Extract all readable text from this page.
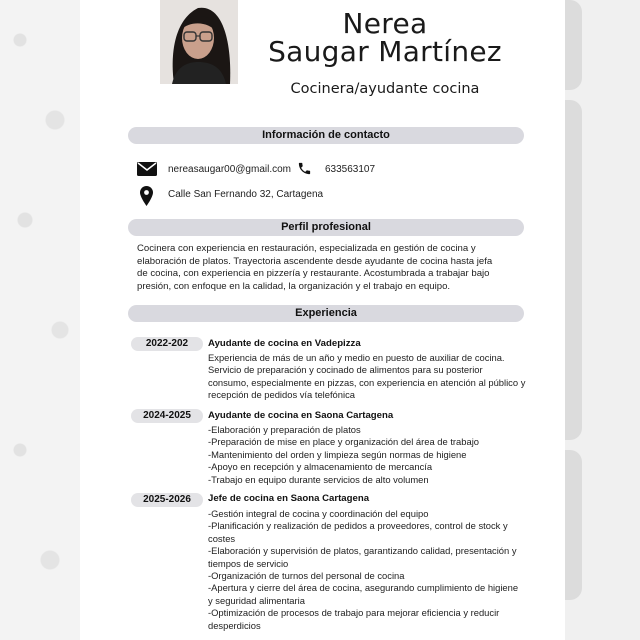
Nerea
Saugar Martínez
Cocinera/ayudante cocina
Información de contacto
nereasaugar00@gmail.com	633563107
Calle San Fernando 32, Cartagena
Perfil profesional
Cocinera con experiencia en restauración, especializada en gestión de cocina y elaboración de platos. Trayectoria ascendente desde ayudante de cocina hasta jefa de cocina, con experiencia en pizzería y restaurante. Acostumbrada a trabajar bajo presión, con enfoque en la calidad, la organización y el trabajo en equipo.
Experiencia
2022-202	Ayudante de cocina en Vadepizza
Experiencia de más de un año y medio en puesto de auxiliar de cocina.
Servicio de preparación y cocinado de alimentos para su posterior
consumo, especialmente en pizzas, con experiencia en atención al público y
recepción de pedidos vía telefónica
2024-2025	Ayudante de cocina en Saona Cartagena
-Elaboración y preparación de platos
-Preparación de mise en place y organización del área de trabajo
-Mantenimiento del orden y limpieza según normas de higiene
-Apoyo en recepción y almacenamiento de mercancía
-Trabajo en equipo durante servicios de alto volumen
2025-2026	Jefe de cocina en Saona Cartagena
-Gestión integral de cocina y coordinación del equipo
-Planificación y realización de pedidos a proveedores, control de stock y
costes
-Elaboración y supervisión de platos, garantizando calidad, presentación y
tiempos de servicio
-Organización de turnos del personal de cocina
-Apertura y cierre del área de cocina, asegurando cumplimiento de higiene
y seguridad alimentaria
-Optimización de procesos de trabajo para mejorar eficiencia y reducir
desperdicios
